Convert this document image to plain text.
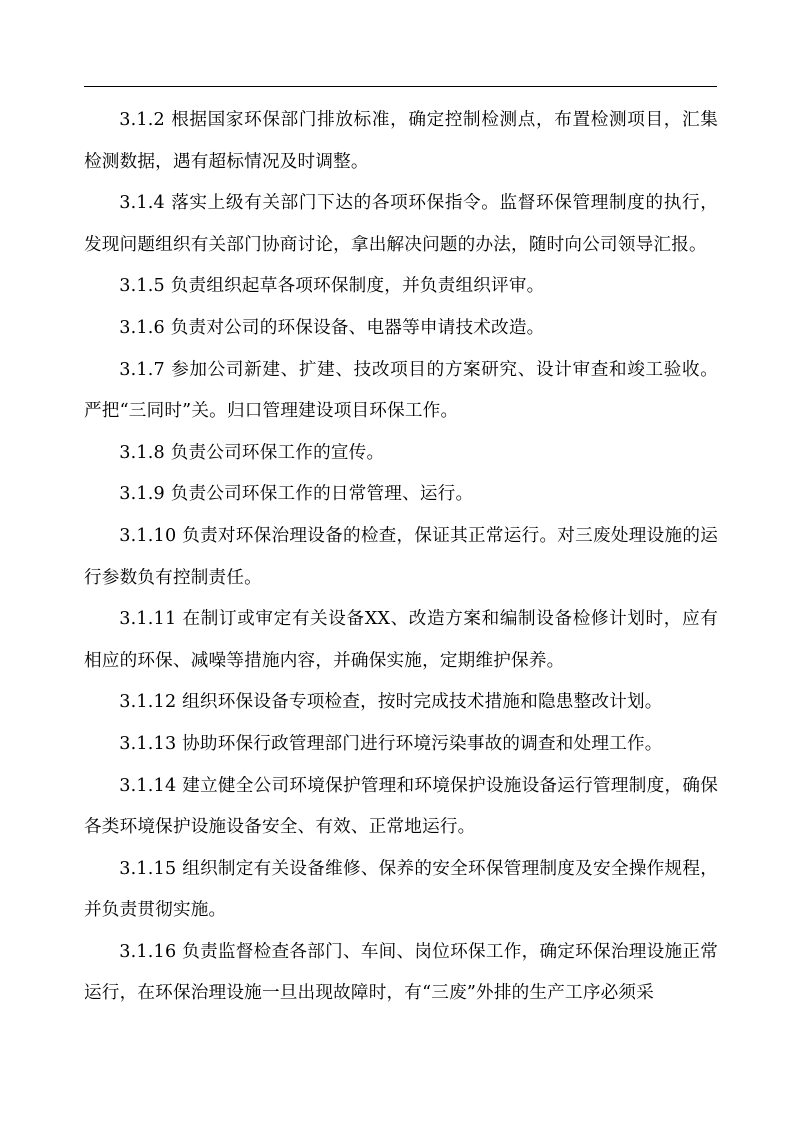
3.1.2 根据国家环保部门排放标准，确定控制检测点，布置检测项目，汇集检测数据，遇有超标情况及时调整。

3.1.4 落实上级有关部门下达的各项环保指令。监督环保管理制度的执行，发现问题组织有关部门协商讨论，拿出解决问题的办法，随时向公司领导汇报。

3.1.5 负责组织起草各项环保制度，并负责组织评审。

3.1.6 负责对公司的环保设备、电器等申请技术改造。

3.1.7 参加公司新建、扩建、技改项目的方案研究、设计审查和竣工验收。严把“三同时”关。归口管理建设项目环保工作。

3.1.8 负责公司环保工作的宣传。

3.1.9 负责公司环保工作的日常管理、运行。

3.1.10 负责对环保治理设备的检查，保证其正常运行。对三废处理设施的运行参数负有控制责任。

3.1.11 在制订或审定有关设备XX、改造方案和编制设备检修计划时，应有相应的环保、减噪等措施内容，并确保实施，定期维护保养。

3.1.12 组织环保设备专项检查，按时完成技术措施和隐患整改计划。

3.1.13 协助环保行政管理部门进行环境污染事故的调查和处理工作。

3.1.14 建立健全公司环境保护管理和环境保护设施设备运行管理制度，确保各类环境保护设施设备安全、有效、正常地运行。

3.1.15 组织制定有关设备维修、保养的安全环保管理制度及安全操作规程，并负责贯彻实施。

3.1.16 负责监督检查各部门、车间、岗位环保工作，确定环保治理设施正常运行，在环保治理设施一旦出现故障时，有“三废”外排的生产工序必须采
